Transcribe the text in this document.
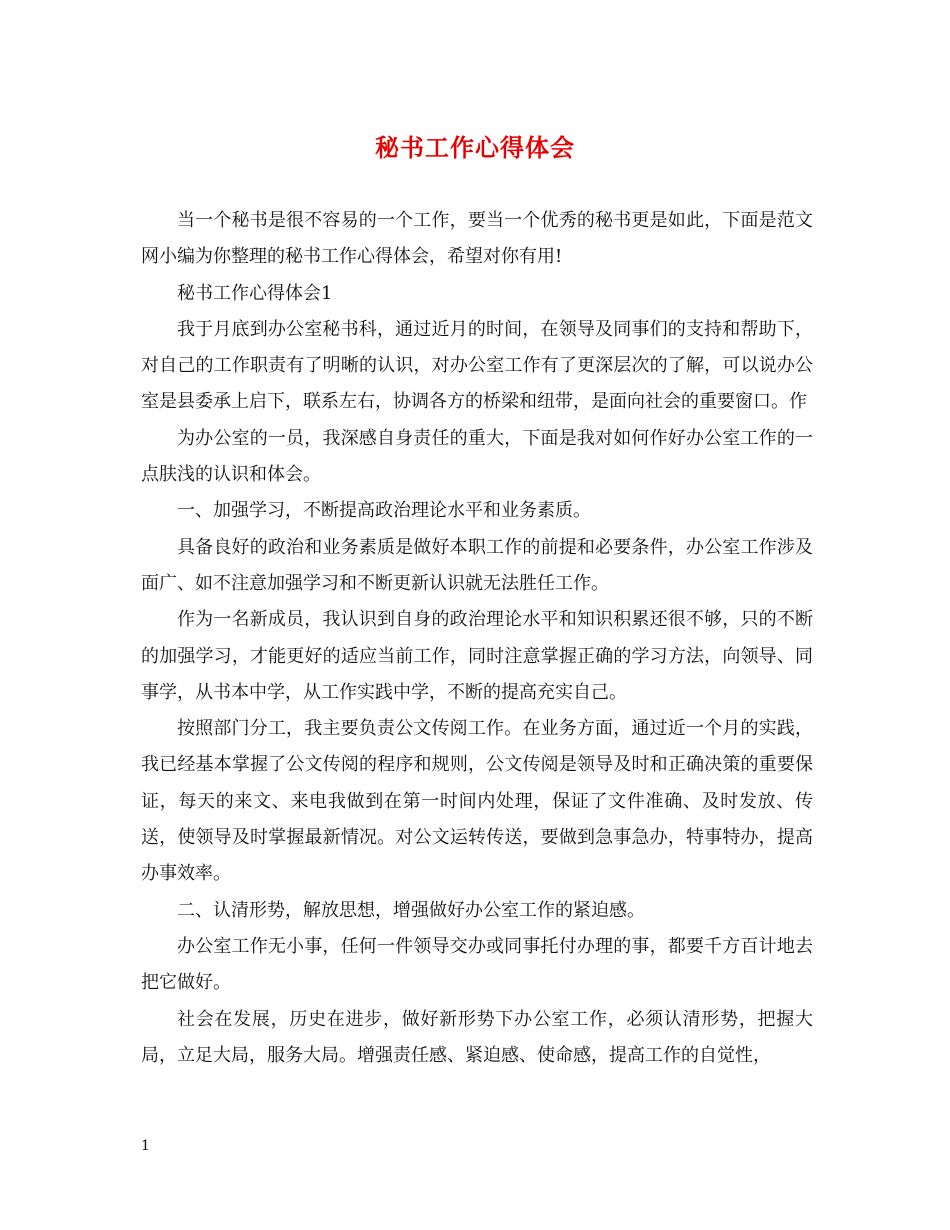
秘书工作心得体会

当一个秘书是很不容易的一个工作，要当一个优秀的秘书更是如此，下面是范文网小编为你整理的秘书工作心得体会，希望对你有用!

秘书工作心得体会1

我于月底到办公室秘书科，通过近月的时间，在领导及同事们的支持和帮助下，对自己的工作职责有了明晰的认识，对办公室工作有了更深层次的了解，可以说办公室是县委承上启下，联系左右，协调各方的桥梁和纽带，是面向社会的重要窗口。作

为办公室的一员，我深感自身责任的重大，下面是我对如何作好办公室工作的一点肤浅的认识和体会。

一、加强学习，不断提高政治理论水平和业务素质。

具备良好的政治和业务素质是做好本职工作的前提和必要条件，办公室工作涉及面广、如不注意加强学习和不断更新认识就无法胜任工作。

作为一名新成员，我认识到自身的政治理论水平和知识积累还很不够，只的不断的加强学习，才能更好的适应当前工作，同时注意掌握正确的学习方法，向领导、同事学，从书本中学，从工作实践中学，不断的提高充实自己。

按照部门分工，我主要负责公文传阅工作。在业务方面，通过近一个月的实践，我已经基本掌握了公文传阅的程序和规则，公文传阅是领导及时和正确决策的重要保证，每天的来文、来电我做到在第一时间内处理，保证了文件准确、及时发放、传送，使领导及时掌握最新情况。对公文运转传送，要做到急事急办，特事特办，提高办事效率。

二、认清形势，解放思想，增强做好办公室工作的紧迫感。

办公室工作无小事，任何一件领导交办或同事托付办理的事，都要千方百计地去把它做好。

社会在发展，历史在进步，做好新形势下办公室工作，必须认清形势，把握大局，立足大局，服务大局。增强责任感、紧迫感、使命感，提高工作的自觉性，

1
